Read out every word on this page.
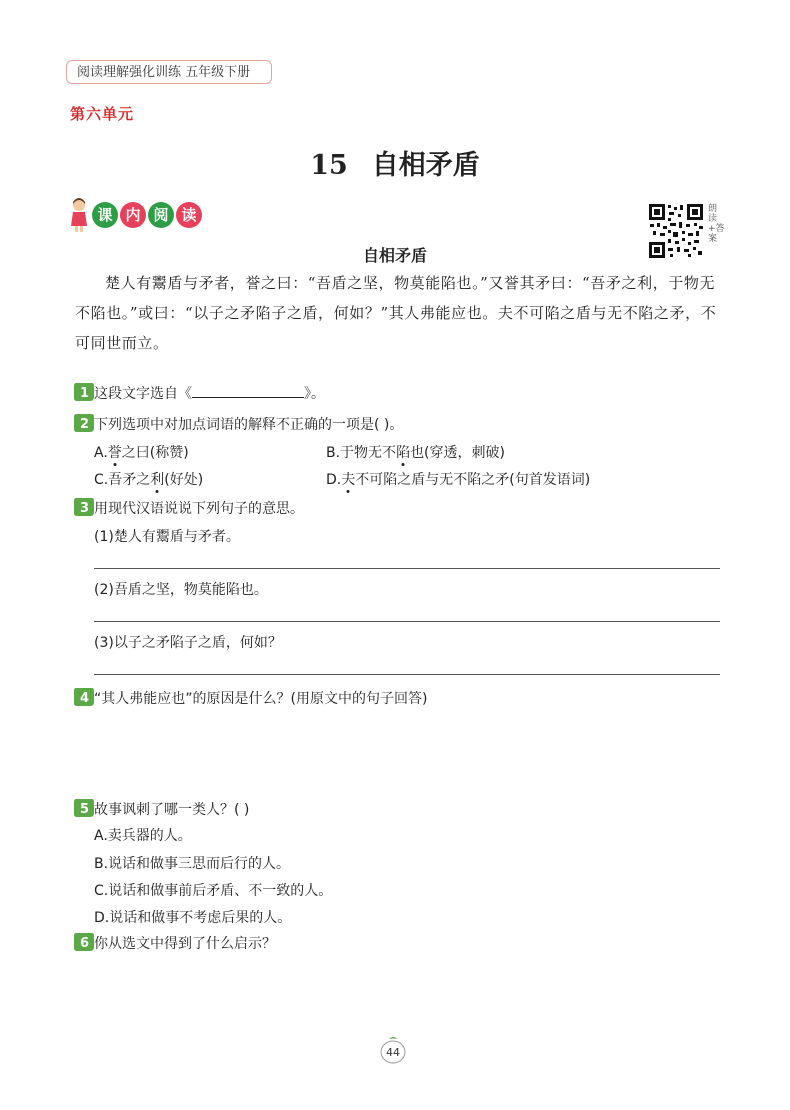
阅读理解强化训练 五年级下册
第六单元
15 自相矛盾
课 内 阅 读	朗读+答案
自相矛盾

楚人有鬻盾与矛者，誉之曰：“吾盾之坚，物莫能陷也。”又誉其矛曰：“吾矛之利，于物无不陷也。”或曰：“以子之矛陷子之盾，何如？”其人弗能应也。夫不可陷之盾与无不陷之矛，不可同世而立。

1 这段文字选自《	》。
2 下列选项中对加点词语的解释不正确的一项是( )。
A.誉之曰(称赞)	B.于物无不陷也(穿透，刺破)
C.吾矛之利(好处)	D.夫不可陷之盾与无不陷之矛(句首发语词)
3 用现代汉语说说下列句子的意思。
(1)楚人有鬻盾与矛者。
(2)吾盾之坚，物莫能陷也。
(3)以子之矛陷子之盾，何如？
4 “其人弗能应也”的原因是什么？(用原文中的句子回答)
5 故事讽刺了哪一类人？( )
A.卖兵器的人。
B.说话和做事三思而后行的人。
C.说话和做事前后矛盾、不一致的人。
D.说话和做事不考虑后果的人。
6 你从选文中得到了什么启示？
44
